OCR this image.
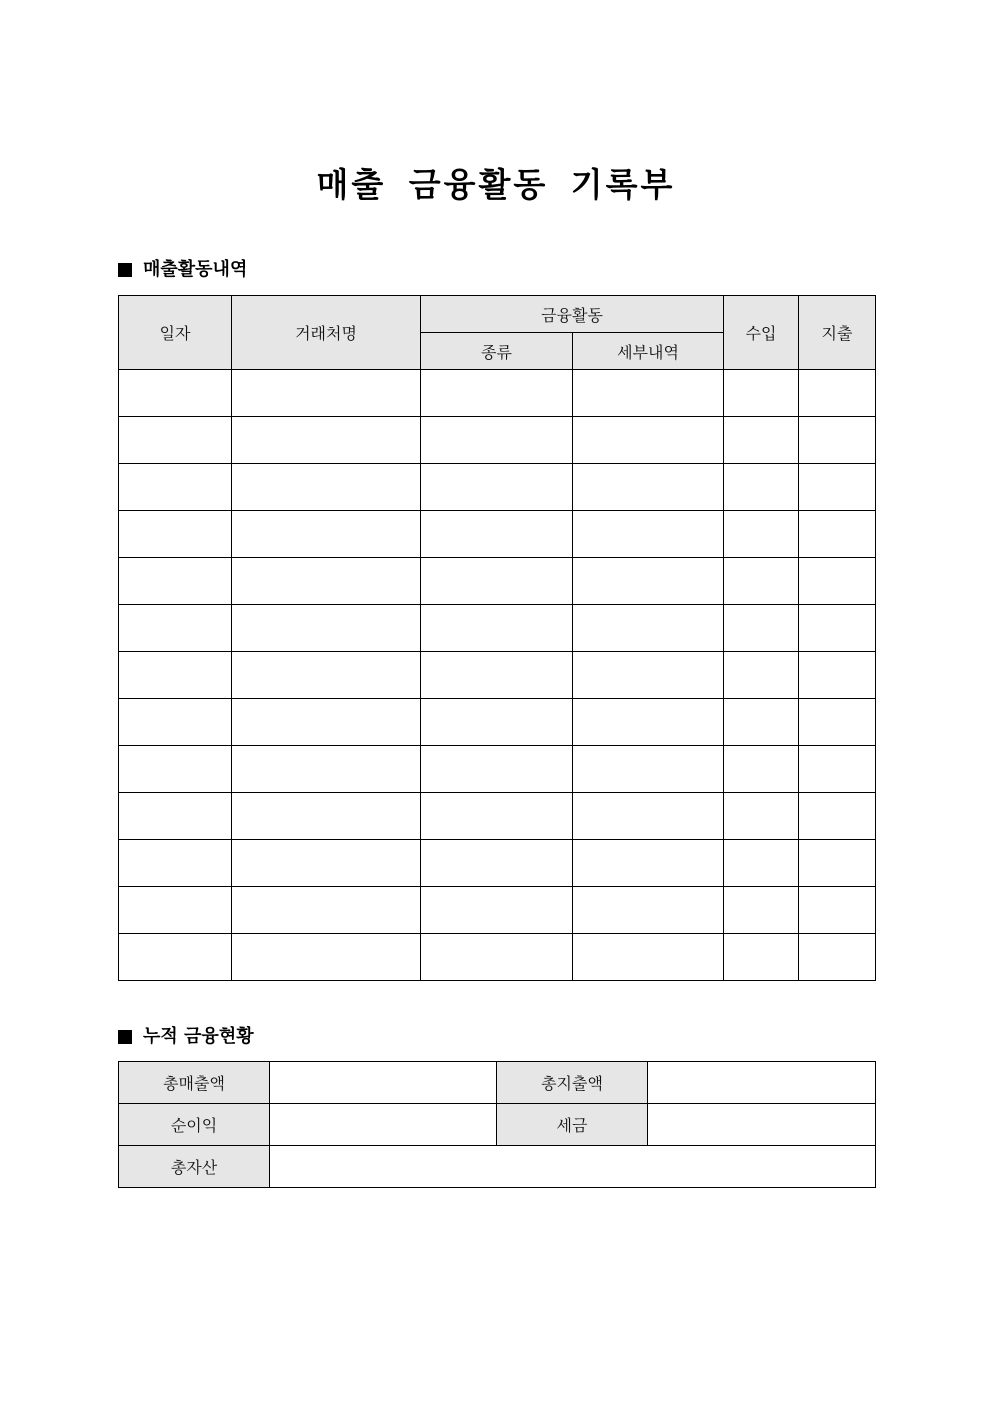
매출 금융활동 기록부
매출활동내역
일자	거래처명	금융활동		수입	지출
		종류	세부내역		

누적 금융현황
총매출액		총지출액	
순이익		세금	
총자산			
